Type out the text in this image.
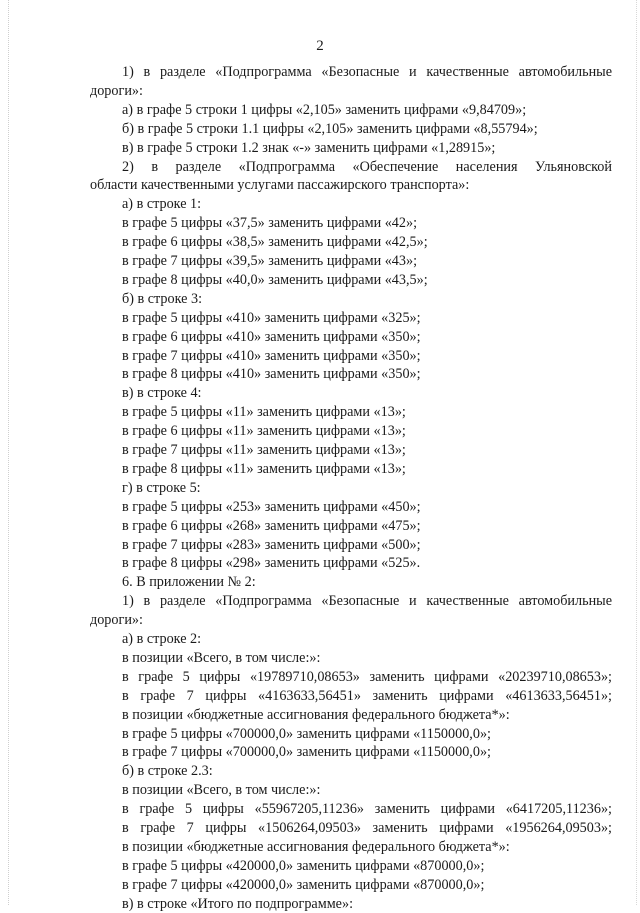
2
1) в разделе «Подпрограмма «Безопасные и качественные автомобильные
дороги»:
а) в графе 5 строки 1 цифры «2,105» заменить цифрами «9,84709»;
б) в графе 5 строки 1.1 цифры «2,105» заменить цифрами «8,55794»;
в) в графе 5 строки 1.2 знак «-» заменить цифрами «1,28915»;
2) в разделе «Подпрограмма «Обеспечение населения Ульяновской
области качественными услугами пассажирского транспорта»:
а) в строке 1:
в графе 5 цифры «37,5» заменить цифрами «42»;
в графе 6 цифры «38,5» заменить цифрами «42,5»;
в графе 7 цифры «39,5» заменить цифрами «43»;
в графе 8 цифры «40,0» заменить цифрами «43,5»;
б) в строке 3:
в графе 5 цифры «410» заменить цифрами «325»;
в графе 6 цифры «410» заменить цифрами «350»;
в графе 7 цифры «410» заменить цифрами «350»;
в графе 8 цифры «410» заменить цифрами «350»;
в) в строке 4:
в графе 5 цифры «11» заменить цифрами «13»;
в графе 6 цифры «11» заменить цифрами «13»;
в графе 7 цифры «11» заменить цифрами «13»;
в графе 8 цифры «11» заменить цифрами «13»;
г) в строке 5:
в графе 5 цифры «253» заменить цифрами «450»;
в графе 6 цифры «268» заменить цифрами «475»;
в графе 7 цифры «283» заменить цифрами «500»;
в графе 8 цифры «298» заменить цифрами «525».
6. В приложении № 2:
1) в разделе «Подпрограмма «Безопасные и качественные автомобильные
дороги»:
а) в строке 2:
в позиции «Всего, в том числе:»:
в графе 5 цифры «19789710,08653» заменить цифрами «20239710,08653»;
в графе 7 цифры «4163633,56451» заменить цифрами «4613633,56451»;
в позиции «бюджетные ассигнования федерального бюджета*»:
в графе 5 цифры «700000,0» заменить цифрами «1150000,0»;
в графе 7 цифры «700000,0» заменить цифрами «1150000,0»;
б) в строке 2.3:
в позиции «Всего, в том числе:»:
в графе 5 цифры «55967205,11236» заменить цифрами «6417205,11236»;
в графе 7 цифры «1506264,09503» заменить цифрами «1956264,09503»;
в позиции «бюджетные ассигнования федерального бюджета*»:
в графе 5 цифры «420000,0» заменить цифрами «870000,0»;
в графе 7 цифры «420000,0» заменить цифрами «870000,0»;
в) в строке «Итого по подпрограмме»:
